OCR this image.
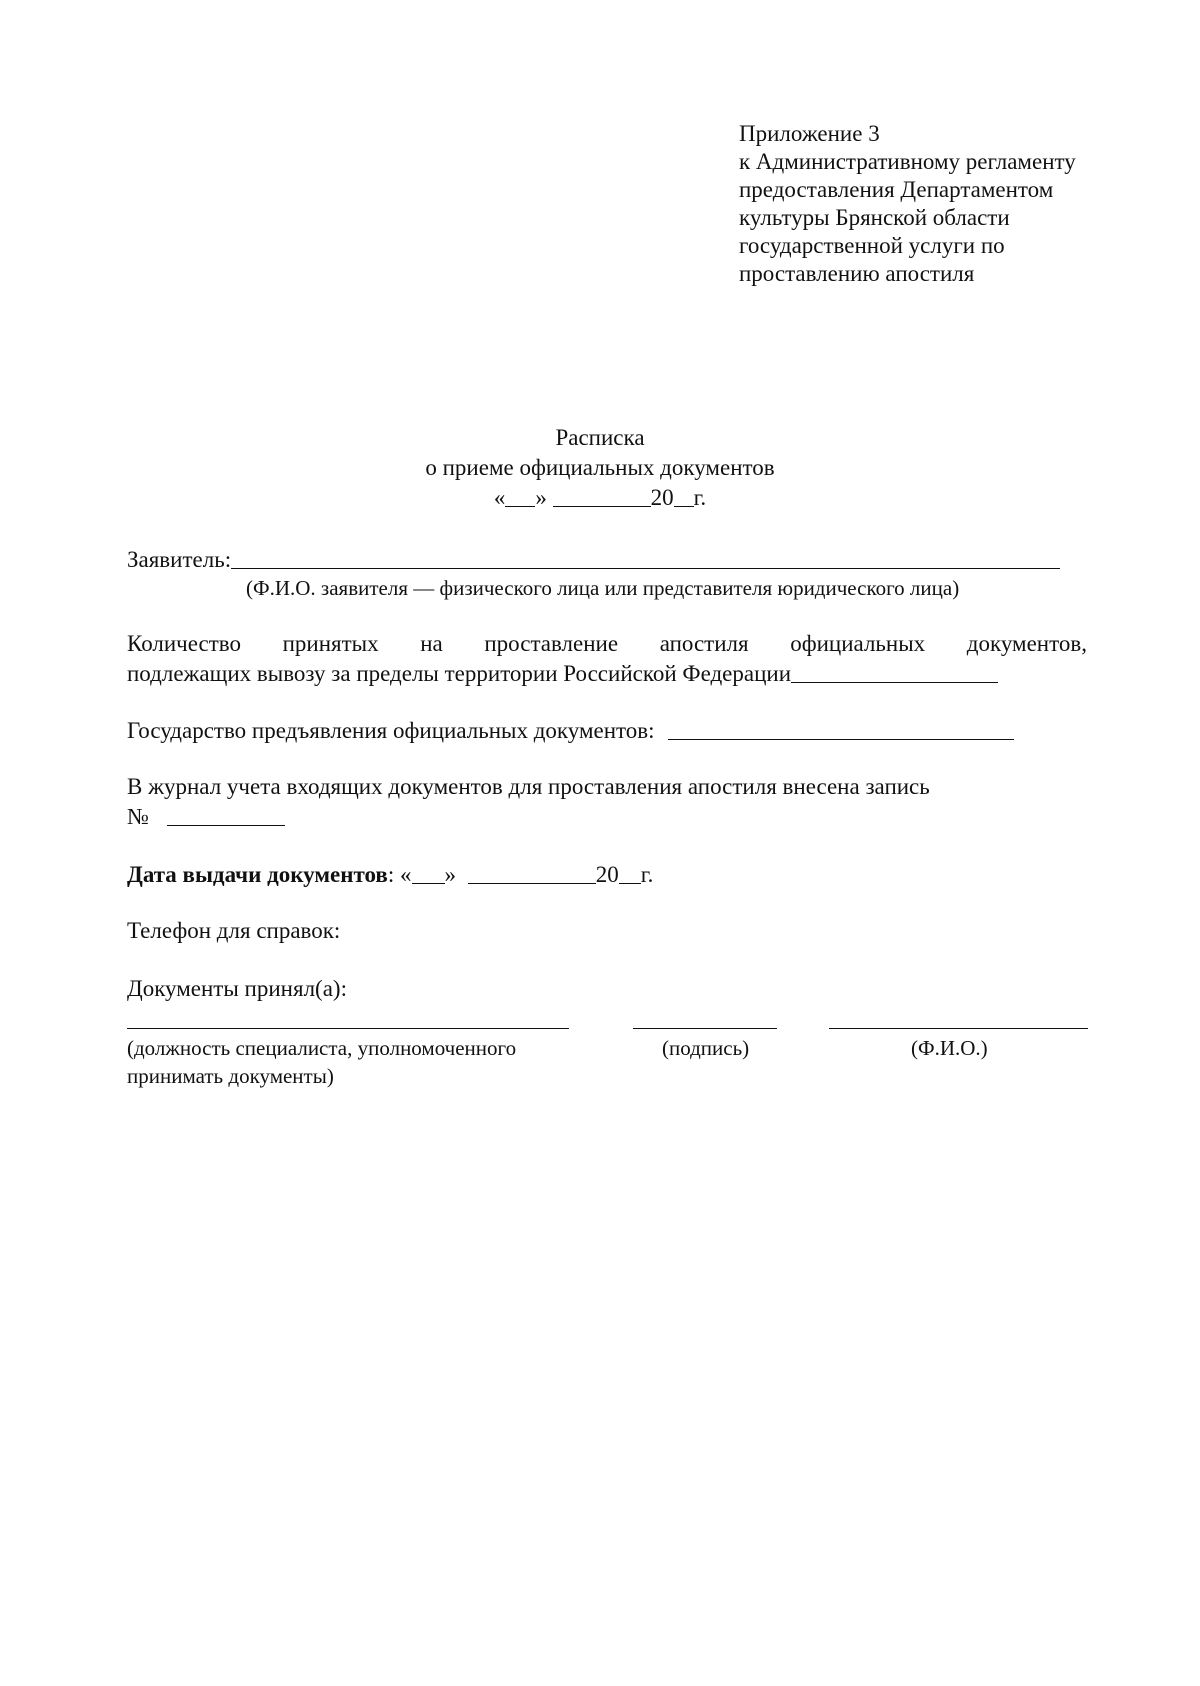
Приложение 3
к Административному регламенту
предоставления Департаментом
культуры Брянской области
государственной услуги по
проставлению апостиля
Расписка
о приеме официальных документов
« »	20 г.
Заявитель:
(Ф.И.О. заявителя — физического лица или представителя юридического лица)
Количество принятых на проставление апостиля официальных документов,
подлежащих вывозу за пределы территории Российской Федерации
Государство предъявления официальных документов:
В журнал учета входящих документов для проставления апостиля внесена запись
№
Дата выдачи документов: « »	20 г.
Телефон для справок:
Документы принял(а):
(должность специалиста, уполномоченного
принимать документы)
(подпись)	(Ф.И.О.)
